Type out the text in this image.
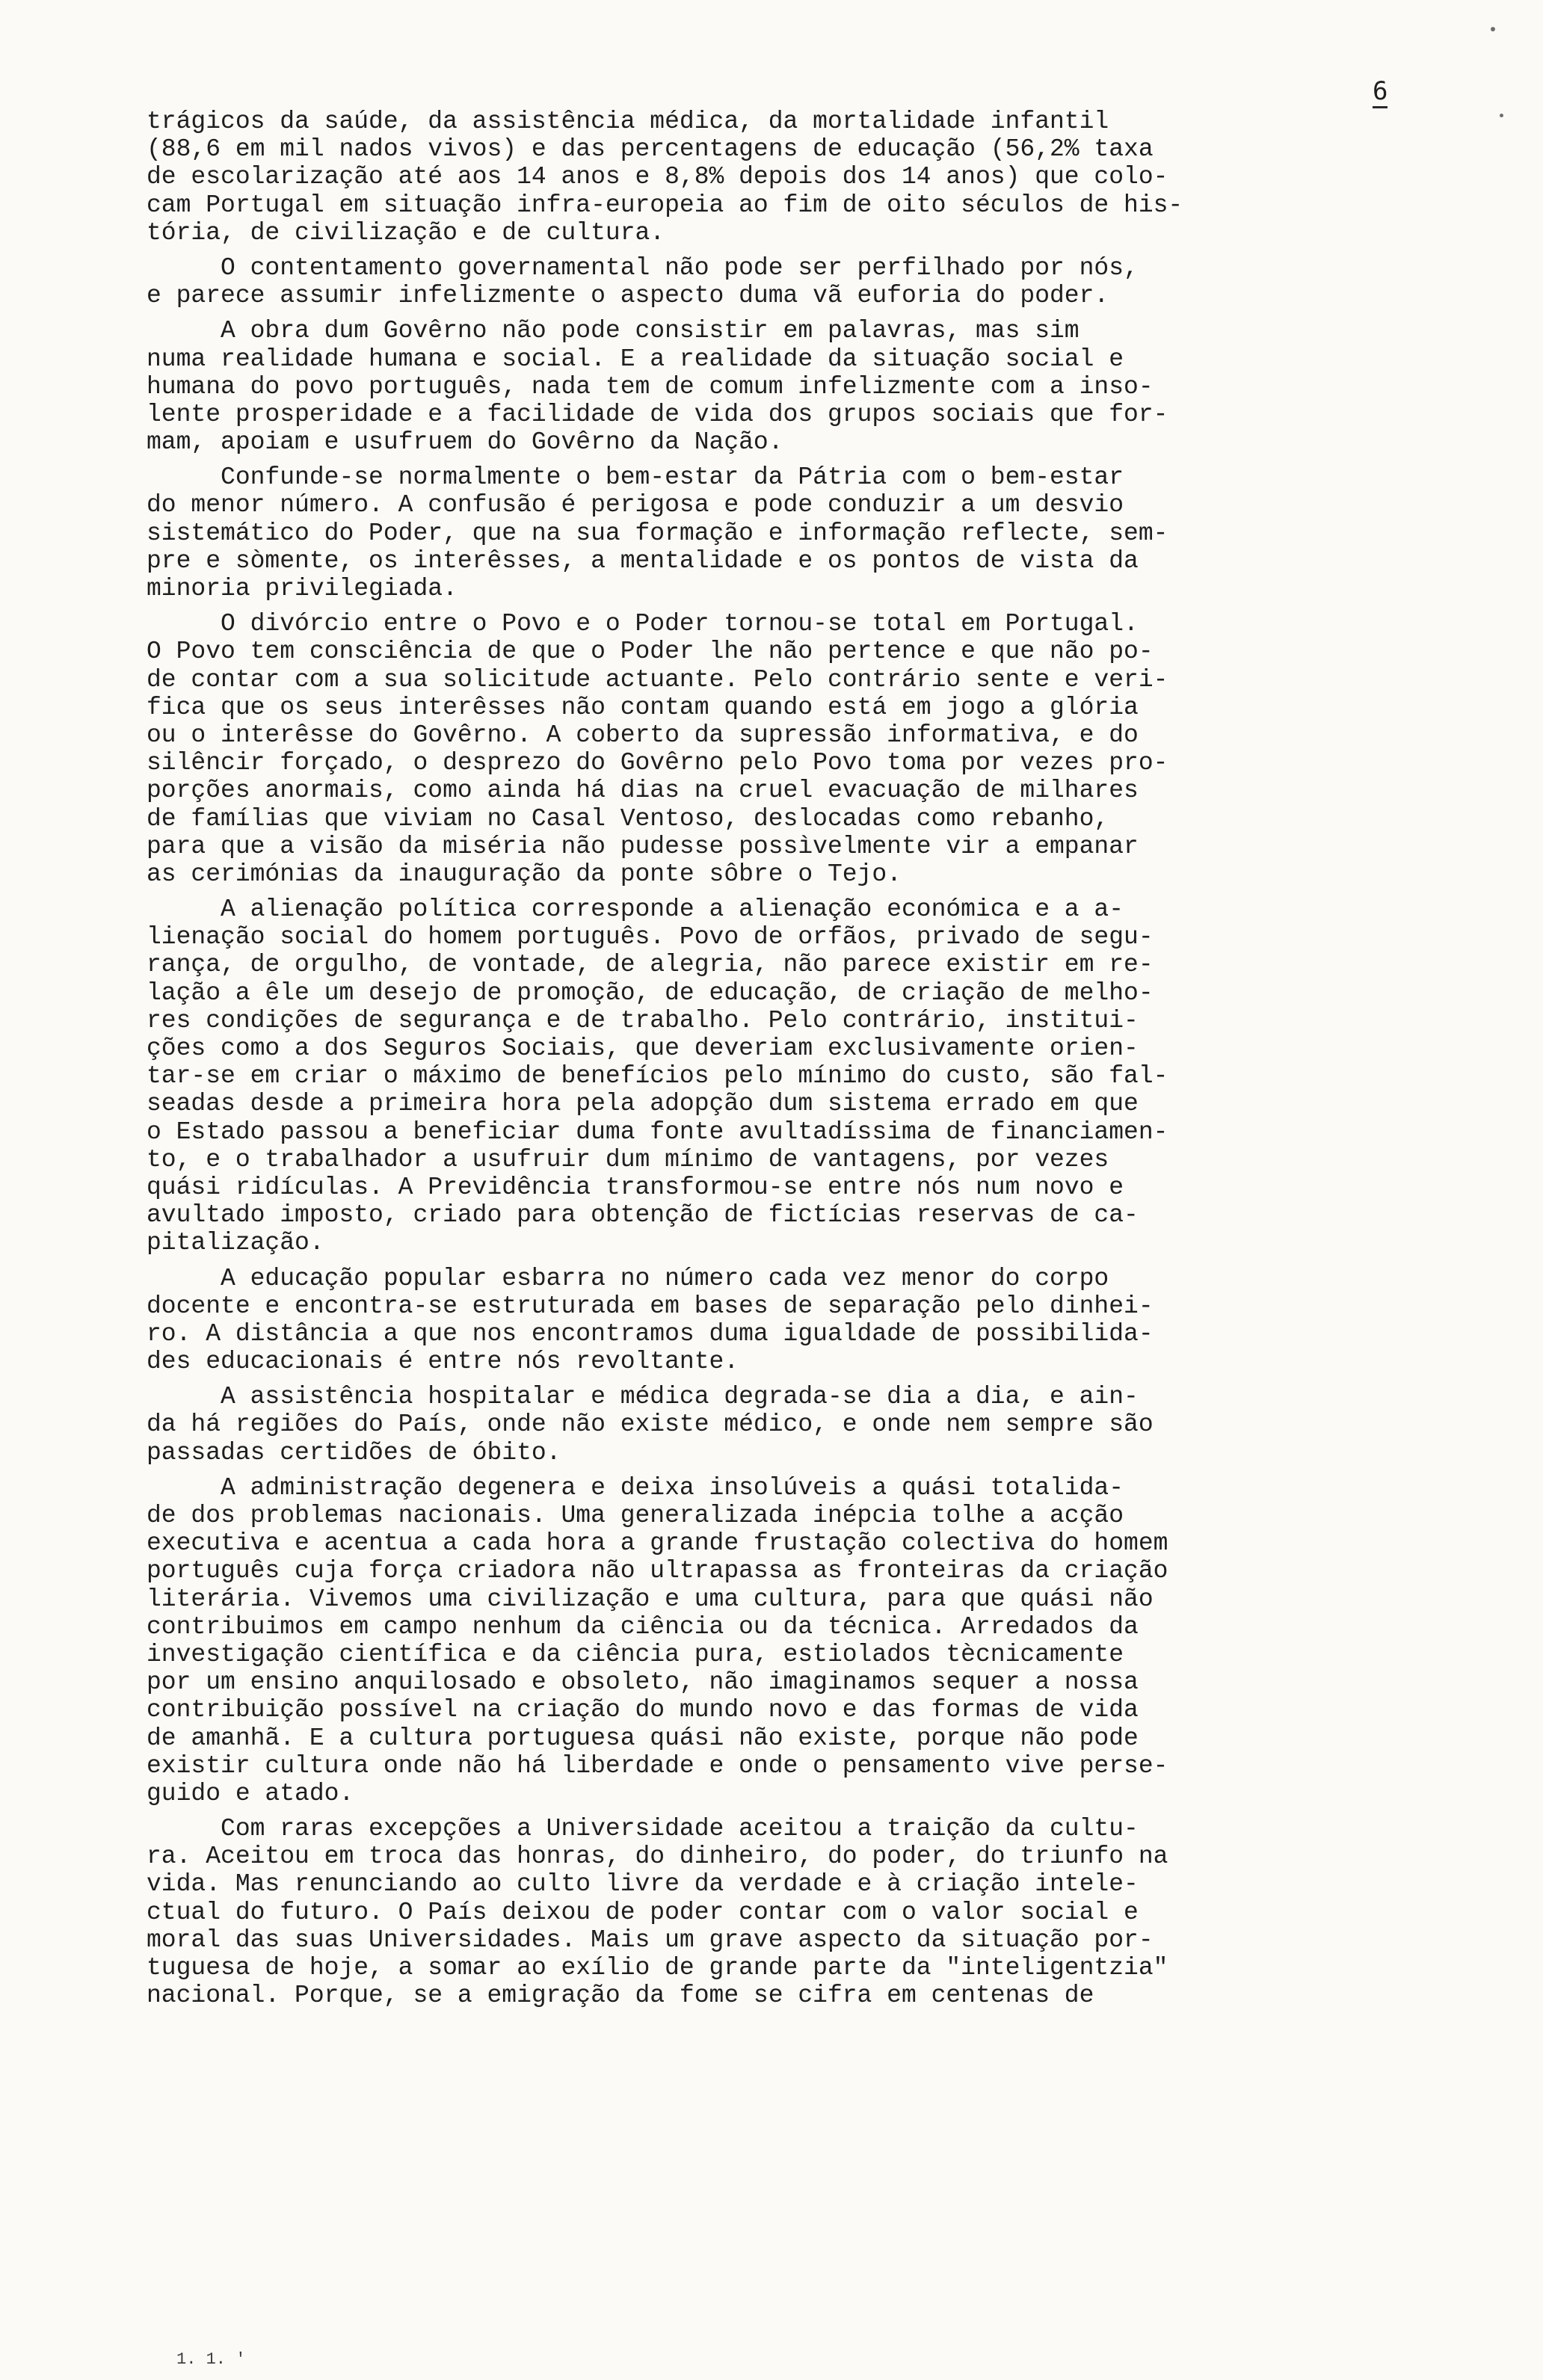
6
trágicos da saúde, da assistência médica, da mortalidade infantil
(88,6 em mil nados vivos) e das percentagens de educação (56,2% taxa
de escolarização até aos 14 anos e 8,8% depois dos 14 anos) que colo-
cam Portugal em situação infra-europeia ao fim de oito séculos de his-
tória, de civilização e de cultura.
O contentamento governamental não pode ser perfilhado por nós,
e parece assumir infelizmente o aspecto duma vã euforia do poder.
A obra dum Govêrno não pode consistir em palavras, mas sim
numa realidade humana e social. E a realidade da situação social e
humana do povo português, nada tem de comum infelizmente com a inso-
lente prosperidade e a facilidade de vida dos grupos sociais que for-
mam, apoiam e usufruem do Govêrno da Nação.
Confunde-se normalmente o bem-estar da Pátria com o bem-estar
do menor número. A confusão é perigosa e pode conduzir a um desvio
sistemático do Poder, que na sua formação e informação reflecte, sem-
pre e sòmente, os interêsses, a mentalidade e os pontos de vista da
minoria privilegiada.
O divórcio entre o Povo e o Poder tornou-se total em Portugal.
O Povo tem consciência de que o Poder lhe não pertence e que não po-
de contar com a sua solicitude actuante. Pelo contrário sente e veri-
fica que os seus interêsses não contam quando está em jogo a glória
ou o interêsse do Govêrno. A coberto da supressão informativa, e do
silêncir forçado, o desprezo do Govêrno pelo Povo toma por vezes pro-
porções anormais, como ainda há dias na cruel evacuação de milhares
de famílias que viviam no Casal Ventoso, deslocadas como rebanho,
para que a visão da miséria não pudesse possìvelmente vir a empanar
as cerimónias da inauguração da ponte sôbre o Tejo.
A alienação política corresponde a alienação económica e a a-
lienação social do homem português. Povo de orfãos, privado de segu-
rança, de orgulho, de vontade, de alegria, não parece existir em re-
lação a êle um desejo de promoção, de educação, de criação de melho-
res condições de segurança e de trabalho. Pelo contrário, institui-
ções como a dos Seguros Sociais, que deveriam exclusivamente orien-
tar-se em criar o máximo de benefícios pelo mínimo do custo, são fal-
seadas desde a primeira hora pela adopção dum sistema errado em que
o Estado passou a beneficiar duma fonte avultadíssima de financiamen-
to, e o trabalhador a usufruir dum mínimo de vantagens, por vezes
quási ridículas. A Previdência transformou-se entre nós num novo e
avultado imposto, criado para obtenção de fictícias reservas de ca-
pitalização.
A educação popular esbarra no número cada vez menor do corpo
docente e encontra-se estruturada em bases de separação pelo dinhei-
ro. A distância a que nos encontramos duma igualdade de possibilida-
des educacionais é entre nós revoltante.
A assistência hospitalar e médica degrada-se dia a dia, e ain-
da há regiões do País, onde não existe médico, e onde nem sempre são
passadas certidões de óbito.
A administração degenera e deixa insolúveis a quási totalida-
de dos problemas nacionais. Uma generalizada inépcia tolhe a acção
executiva e acentua a cada hora a grande frustação colectiva do homem
português cuja força criadora não ultrapassa as fronteiras da criação
literária. Vivemos uma civilização e uma cultura, para que quási não
contribuimos em campo nenhum da ciência ou da técnica. Arredados da
investigação científica e da ciência pura, estiolados tècnicamente
por um ensino anquilosado e obsoleto, não imaginamos sequer a nossa
contribuição possível na criação do mundo novo e das formas de vida
de amanhã. E a cultura portuguesa quási não existe, porque não pode
existir cultura onde não há liberdade e onde o pensamento vive perse-
guido e atado.
Com raras excepções a Universidade aceitou a traição da cultu-
ra. Aceitou em troca das honras, do dinheiro, do poder, do triunfo na
vida. Mas renunciando ao culto livre da verdade e à criação intele-
ctual do futuro. O País deixou de poder contar com o valor social e
moral das suas Universidades. Mais um grave aspecto da situação por-
tuguesa de hoje, a somar ao exílio de grande parte da "inteligentzia"
nacional. Porque, se a emigração da fome se cifra em centenas de
1. 1. '
